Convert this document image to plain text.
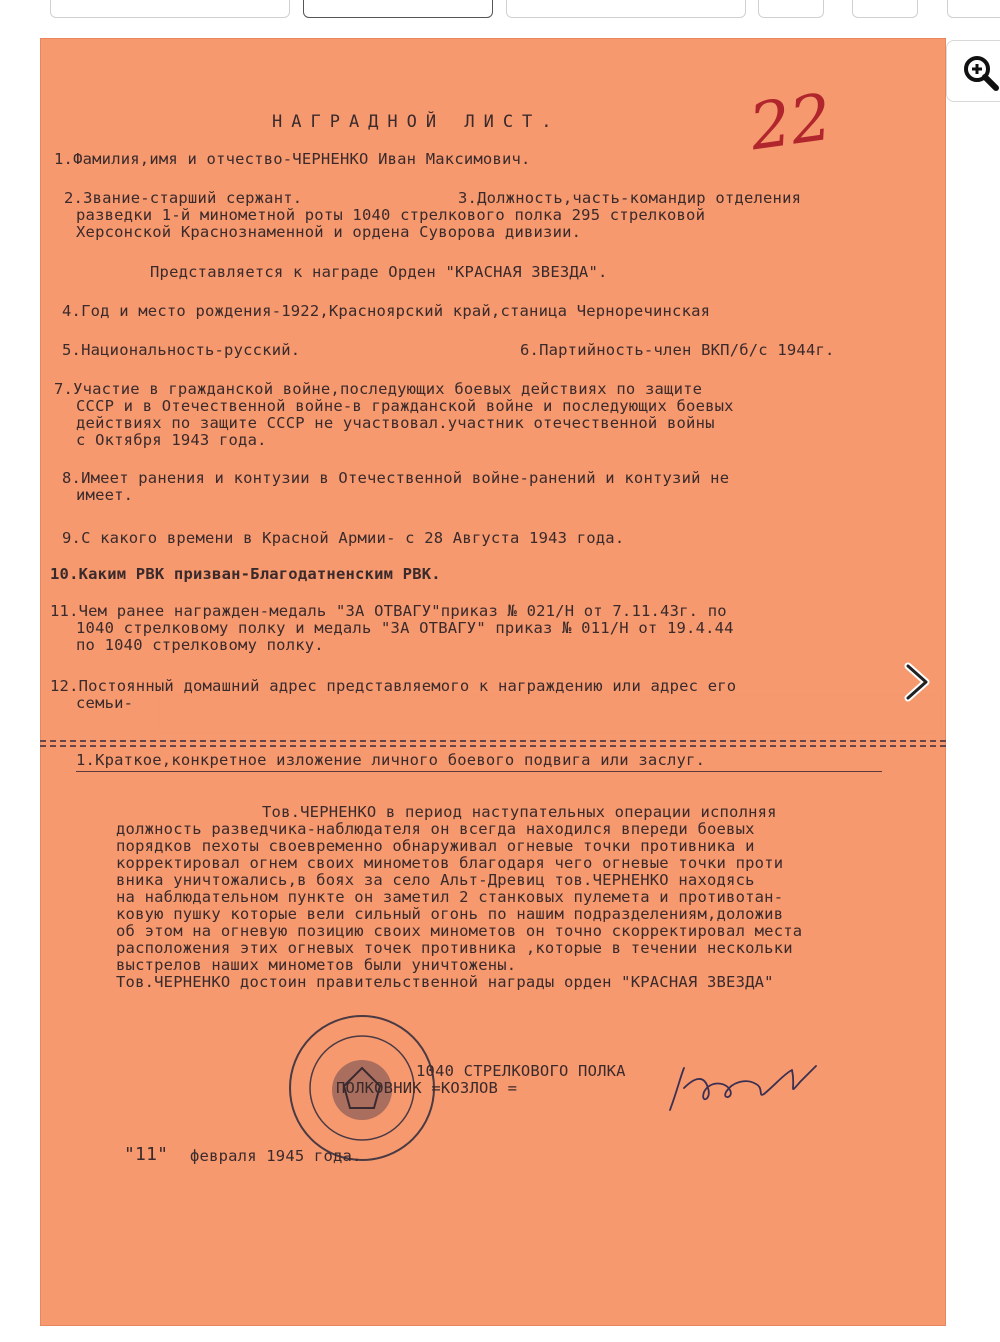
22
НАГРАДНОЙ ЛИСТ.
1.Фамилия,имя и отчество-ЧЕРНЕНКО Иван Максимович.
2.Звание-старший сержант.	3.Должность,часть-командир отделения
разведки 1-й минометной роты 1040 стрелкового полка 295 стрелковой
Херсонской Краснознаменной и ордена Суворова дивизии.
Представляется к награде Орден "КРАСНАЯ ЗВЕЗДА".
4.Год и место рождения-1922,Красноярский край,станица Черноречинская
5.Национальность-русский.	6.Партийность-член ВКП/б/с 1944г.
7.Участие в гражданской войне,последующих боевых действиях по защите
СССР и в Отечественной войне-в гражданской войне и последующих боевых
действиях по защите СССР не участвовал.участник отечественной войны
с Октября 1943 года.
8.Имеет ранения и контузии в Отечественной войне-ранений и контузий не
имеет.
9.С какого времени в Красной Армии- с 28 Августа 1943 года.
10.Каким РВК призван-Благодатненским РВК.
11.Чем ранее награжден-медаль "ЗА ОТВАГУ"приказ № 021/Н от 7.11.43г. по
1040 стрелковому полку и медаль "ЗА ОТВАГУ" приказ № 011/Н от 19.4.44
по 1040 стрелковому полку.
12.Постоянный домашний адрес представляемого к награждению или адрес его
семьи-
1.Краткое,конкретное изложение личного боевого подвига или заслуг.
Тов.ЧЕРНЕНКО в период наступательных операции исполняя
должность разведчика-наблюдателя он всегда находился впереди боевых
порядков пехоты своевременно обнаруживал огневые точки противника и
корректировал огнем своих минометов благодаря чего огневые точки проти
вника уничтожались,в боях за село Альт-Древиц тов.ЧЕРНЕНКО находясь
на наблюдательном пункте он заметил 2 станковых пулемета и противотан-
ковую пушку которые вели сильный огонь по нашим подразделениям,доложив
об этом на огневую позицию своих минометов он точно скорректировал места
расположения этих огневых точек противника ,которые в течении нескольки
выстрелов наших минометов были уничтожены.
Тов.ЧЕРНЕНКО достоин правительственной награды орден "КРАСНАЯ ЗВЕЗДА"
1040 СТРЕЛКОВОГО ПОЛКА
ПОЛКОВНИК =КОЗЛОВ =
"11" февраля 1945 года.
